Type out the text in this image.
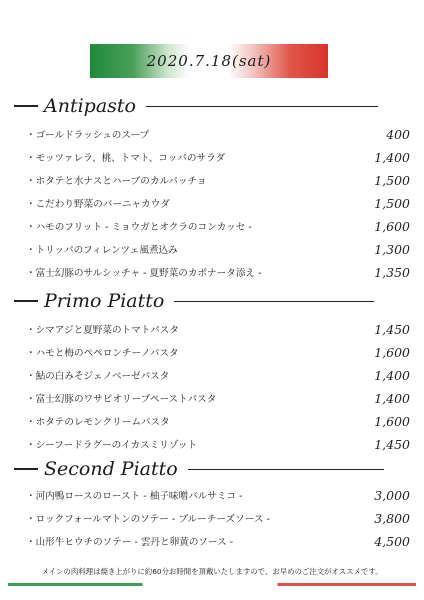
2020.7.18(sat)
Antipasto
・ゴールドラッシュのスープ	400
・モッツァレラ、桃、トマト、コッパのサラダ	1,400
・ホタテと水ナスとハーブのカルパッチョ	1,500
・こだわり野菜のバーニャカウダ	1,500
・ハモのフリット - ミョウガとオクラのコンカッセ -	1,600
・トリッパのフィレンツェ風煮込み	1,300
・富士幻豚のサルシッチャ - 夏野菜のカポナータ添え -	1,350
Primo Piatto
・シマアジと夏野菜のトマトパスタ	1,450
・ハモと梅のペペロンチーノパスタ	1,600
・鮎の白みそジェノベーゼパスタ	1,400
・富士幻豚のワサビオリーブペーストパスタ	1,400
・ホタテのレモンクリームパスタ	1,600
・シーフードラグーのイカスミリゾット	1,450
Second Piatto
・河内鴨ロースのロースト - 柚子味噌バルサミコ -	3,000
・ロックフォールマトンのソテー - ブルーチーズソース -	3,800
・山形牛ヒウチのソテー - 雲丹と卵黄のソース -	4,500
メインの肉料理は焼き上がりに約60分お時間を頂戴いたしますので、お早めのご注文がオススメです。
